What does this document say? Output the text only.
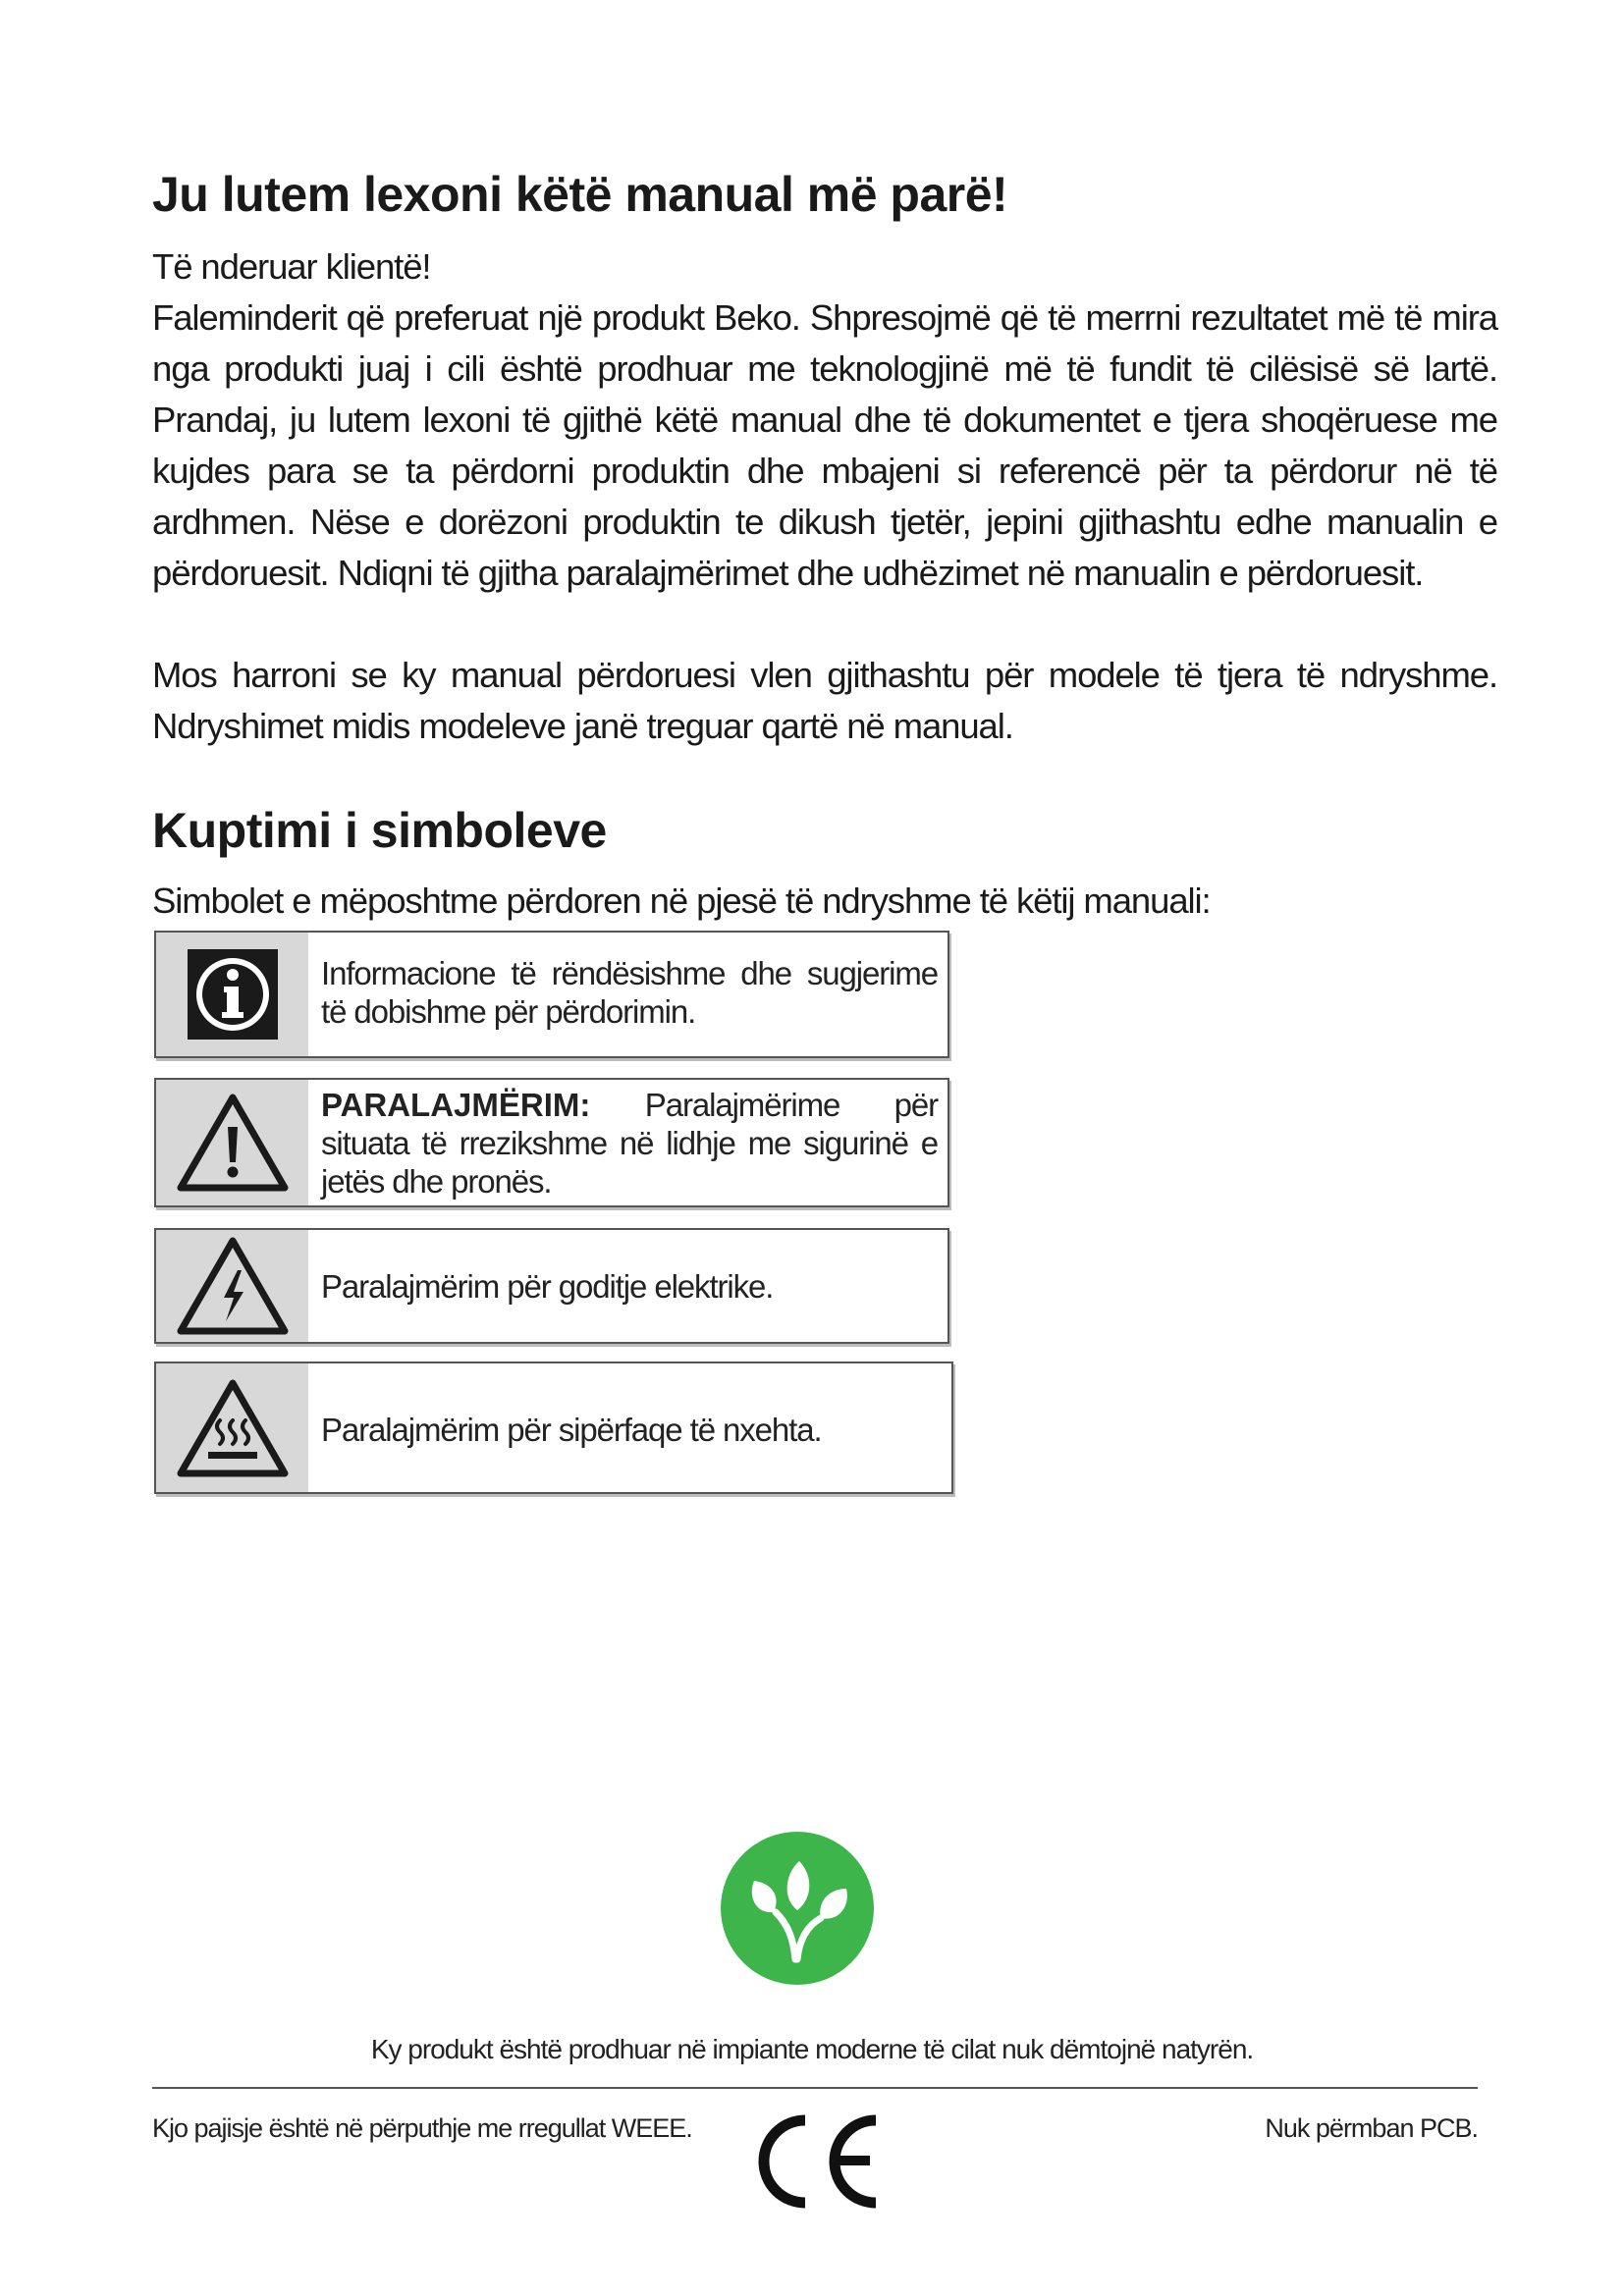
Ju lutem lexoni këtë manual më parë!

Të nderuar klientë!

Faleminderit që preferuat një produkt Beko. Shpresojmë që të merrni rezultatet më të mira nga produkti juaj i cili është prodhuar me teknologjinë më të fundit të cilësisë së lartë. Prandaj, ju lutem lexoni të gjithë këtë manual dhe të dokumentet e tjera shoqëruese me kujdes para se ta përdorni produktin dhe mbajeni si referencë për ta përdorur në të ardhmen. Nëse e dorëzoni produktin te dikush tjetër, jepini gjithashtu edhe manualin e përdoruesit. Ndiqni të gjitha paralajmërimet dhe udhëzimet në manualin e përdoruesit.

Mos harroni se ky manual përdoruesi vlen gjithashtu për modele të tjera të ndryshme. Ndryshimet midis modeleve janë treguar qartë në manual.

Kuptimi i simboleve

Simbolet e mëposhtme përdoren në pjesë të ndryshme të këtij manuali:

Informacione të rëndësishme dhe sugjerime të dobishme për përdorimin.
PARALAJMËRIM: Paralajmërime për situata të rrezikshme në lidhje me sigurinë e jetës dhe pronës.
Paralajmërim për goditje elektrike.
Paralajmërim për sipërfaqe të nxehta.

Ky produkt është prodhuar në impiante moderne të cilat nuk dëmtojnë natyrën.

Kjo pajisje është në përputhje me rregullat WEEE.	Nuk përmban PCB.
